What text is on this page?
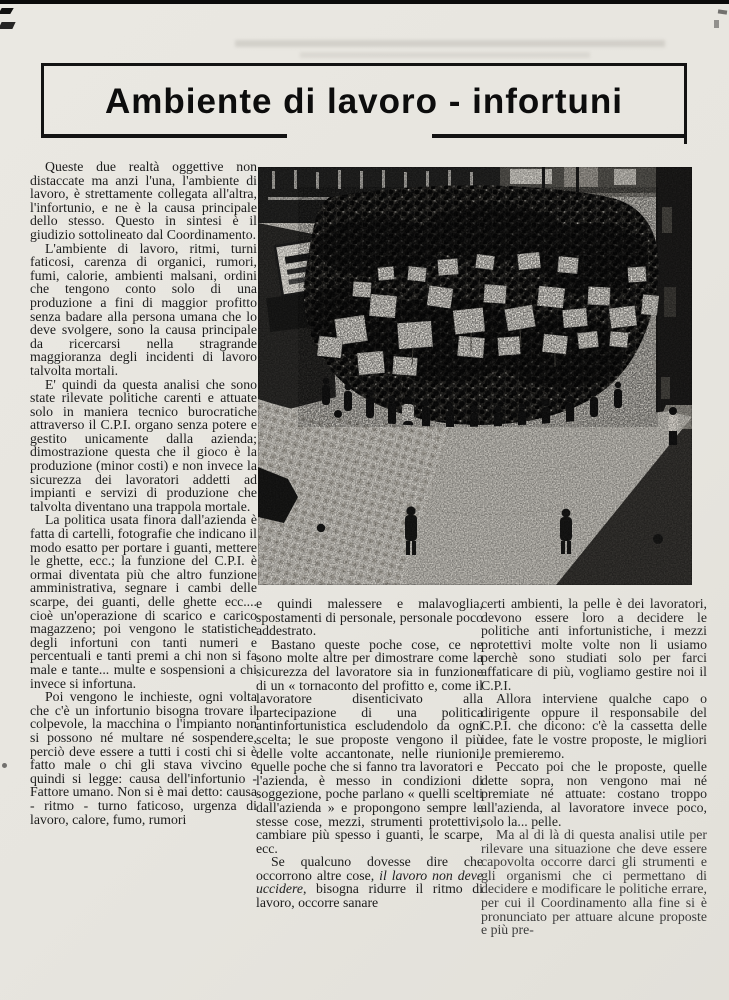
Ambiente di lavoro - infortuni

Queste due realtà oggettive non distaccate ma anzi l'una, l'ambiente di lavoro, è strettamente collegata all'altra, l'infortunio, e ne è la causa principale dello stesso. Questo in sintesi è il giudizio sottolineato dal Coordinamento.

L'ambiente di lavoro, ritmi, turni faticosi, carenza di organici, rumori, fumi, calorie, ambienti malsani, ordini che tengono conto solo di una produzione a fini di maggior profitto senza badare alla persona umana che lo deve svolgere, sono la causa principale da ricercarsi nella stragrande maggioranza degli incidenti di lavoro talvolta mortali.

E' quindi da questa analisi che sono state rilevate politiche carenti e attuate solo in maniera tecnico burocratiche attraverso il C.P.I. organo senza potere e gestito unicamente dalla azienda; dimostrazione questa che il gioco è la produzione (minor costi) e non invece la sicurezza dei lavoratori addetti ad impianti e servizi di produzione che talvolta diventano una trappola mortale.

La politica usata finora dall'azienda è fatta di cartelli, fotografie che indicano il modo esatto per portare i guanti, mettere le ghette, ecc.; la funzione del C.P.I. è ormai diventata più che altro funzione amministrativa, segnare i cambi delle scarpe, dei guanti, delle ghette ecc.... cioè un'operazione di scarico e carico magazzeno; poi vengono le statistiche degli infortuni con tanti numeri e percentuali e tanti premi a chi non si fa male e tante... multe e sospensioni a chi invece si infortuna.

Poi vengono le inchieste, ogni volta che c'è un infortunio bisogna trovare il colpevole, la macchina o l'impianto non si possono né multare né sospendere, perciò deve essere a tutti i costi chi si è fatto male o chi gli stava vivcino e quindi si legge: causa dell'infortunio - Fattore umano. Non si è mai detto: causa - ritmo - turno faticoso, urgenza di lavoro, calore, fumo, rumori

e quindi malessere e malavoglia, spostamenti di personale, personale poco addestrato.

Bastano queste poche cose, ce ne sono molte altre per dimostrare come la sicurezza del lavoratore sia in funzione di un « tornaconto del profitto e, come il lavoratore disenticivato alla partecipazione di una politica antinfortunistica escludendolo da ogni scelta; le sue proposte vengono il più delle volte accantonate, nelle riunioni, quelle poche che si fanno tra lavoratori e l'azienda, è messo in condizioni di soggezione, poche parlano « quelli scelti dall'azienda » e propongono sempre le stesse cose, mezzi, strumenti protettivi, cambiare più spesso i guanti, le scarpe, ecc.

Se qualcuno dovesse dire che occorrono altre cose, il lavoro non deve uccidere, bisogna ridurre il ritmo di lavoro, occorre sanare

certi ambienti, la pelle è dei lavoratori, devono essere loro a decidere le politiche anti infortunistiche, i mezzi protettivi molte volte non li usiamo perchè sono studiati solo per farci affaticare di più, vogliamo gestire noi il C.P.I.

Allora interviene qualche capo o dirigente oppure il responsabile del C.P.I. che dicono: c'è la cassetta delle idee, fate le vostre proposte, le migliori le premieremo.

Peccato poi che le proposte, quelle dette sopra, non vengono mai né premiate né attuate: costano troppo all'azienda, al lavoratore invece poco, solo la... pelle.

Ma al di là di questa analisi utile per rilevare una situazione che deve essere capovolta occorre darci gli strumenti e gli organismi che ci permettano di decidere e modificare le politiche errare, per cui il Coordinamento alla fine si è pronunciato per attuare alcune proposte e più pre-
